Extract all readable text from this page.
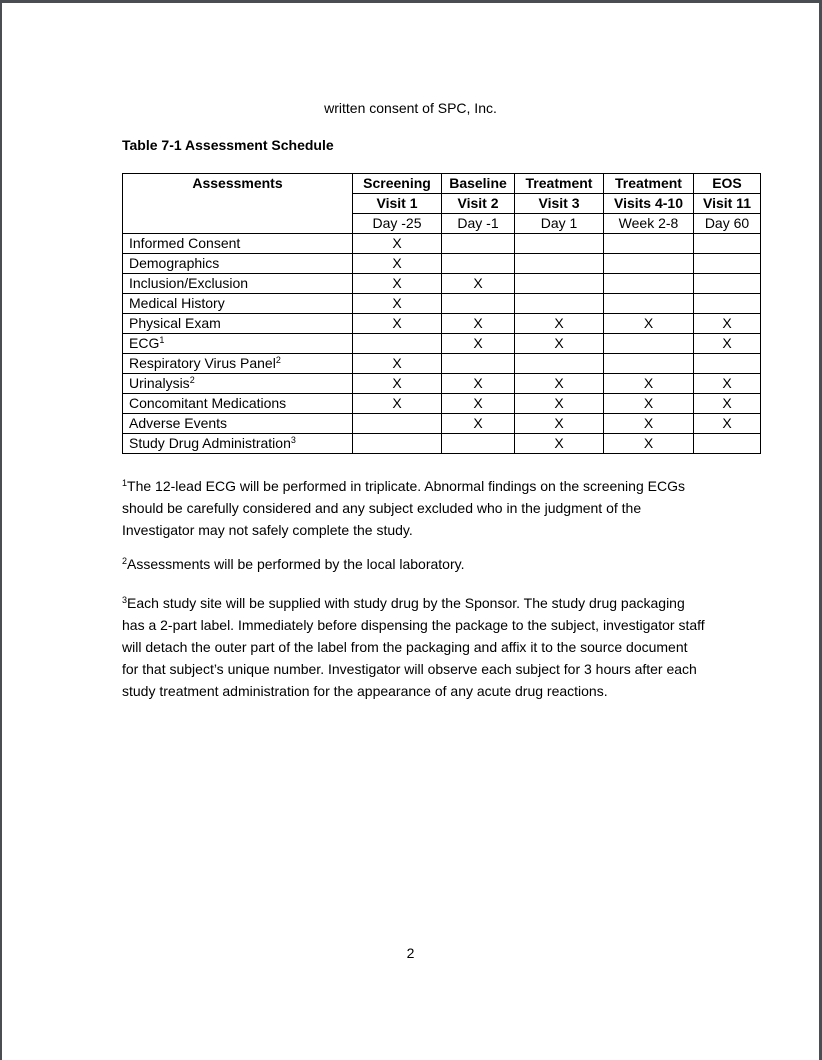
written consent of SPC, Inc.
Table 7-1 Assessment Schedule
Assessments	Screening	Baseline	Treatment	Treatment	EOS
	Visit 1	Visit 2	Visit 3	Visits 4-10	Visit 11
	Day -25	Day -1	Day 1	Week 2-8	Day 60
Informed Consent	X				
Demographics	X				
Inclusion/Exclusion	X	X			
Medical History	X				
Physical Exam	X	X	X	X	X
ECG$^1$		X	X		X
Respiratory Virus Panel$^2$	X				
Urinalysis$^2$	X	X	X	X	X
Concomitant Medications	X	X	X	X	X
Adverse Events		X	X	X	X
Study Drug Administration$^3$			X	X	
$^1$The 12-lead ECG will be performed in triplicate. Abnormal findings on the screening ECGs should be carefully considered and any subject excluded who in the judgment of the Investigator may not safely complete the study.
$^2$Assessments will be performed by the local laboratory.
$^3$Each study site will be supplied with study drug by the Sponsor. The study drug packaging has a 2-part label. Immediately before dispensing the package to the subject, investigator staff will detach the outer part of the label from the packaging and affix it to the source document for that subject’s unique number. Investigator will observe each subject for 3 hours after each study treatment administration for the appearance of any acute drug reactions.
2
